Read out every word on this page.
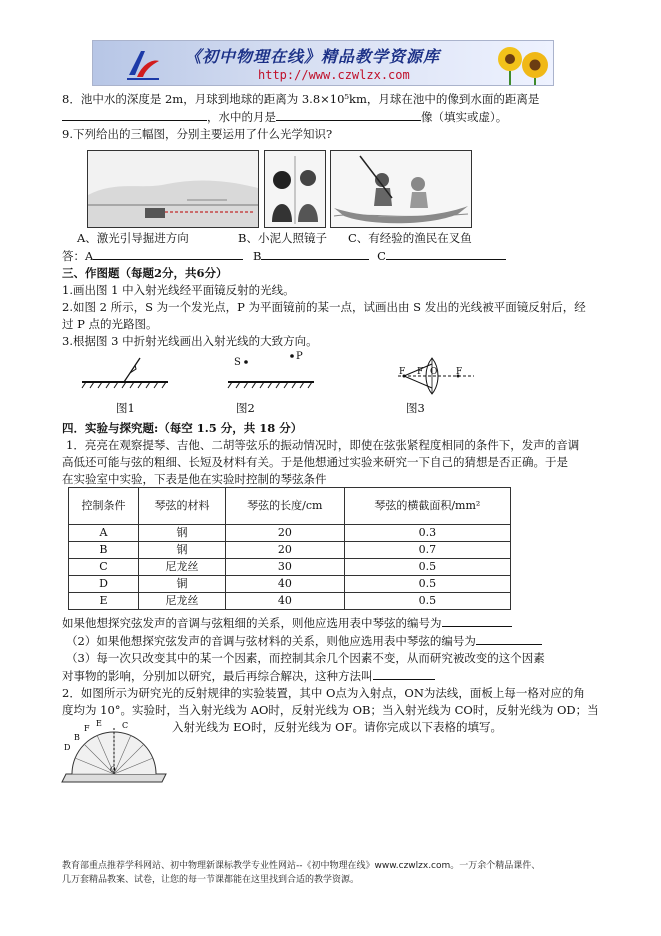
《初中物理在线》精品教学资源库
http://www.czwlzx.com
8．池中水的深度是 2m，月球到地球的距离为 3.8×10⁵km，月球在池中的像到水面的距离是
，水中的月是	像（填实或虚）。
9.下列给出的三幅图，分别主要运用了什么光学知识?
A、激光引导掘进方向	B、小泥人照镜子 C、有经验的渔民在叉鱼
答：A	B	C
三、作图题（每题2分，共6分）
1.画出图 1 中入射光线经平面镜反射的光线。
2.如图 2 所示，S 为一个发光点，P 为平面镜前的某一点，试画出由 S 发出的光线被平面镜反射后，经
过 P 点的光路图。
3.根据图 3 中折射光线画出入射光线的大致方向。
图1
S
P
图2
F F O F
图3
四．实验与探究题:（每空 1.5 分，共 18 分）
1．亮亮在观察提琴、吉他、二胡等弦乐的振动情况时，即使在弦张紧程度相同的条件下，发声的音调
高低还可能与弦的粗细、长短及材料有关。于是他想通过实验来研究一下自己的猜想是否正确。于是
在实验室中实验，下表是他在实验时控制的琴弦条件
控制条件	琴弦的材料	琴弦的长度/cm	琴弦的横截面积/mm²
A	钢	20	0.3
B	钢	20	0.7
C	尼龙丝	30	0.5
D	铜	40	0.5
E	尼龙丝	40	0.5
如果他想探究弦发声的音调与弦粗细的关系，则他应选用表中琴弦的编号为
（2）如果他想探究弦发声的音调与弦材料的关系，则他应选用表中琴弦的编号为
（3）每一次只改变其中的某一个因素，而控制其余几个因素不变，从而研究被改变的这个因素
对事物的影响，分别加以研究，最后再综合解决，这种方法叫
2．如图所示为研究光的反射规律的实验装置，其中 O点为入射点，ON为法线，面板上每一格对应的角
度均为 10°。实验时，当入射光线为 AO时，反射光线为 OB；当入射光线为 CO时，反射光线为 OD；当
入射光线为 EO时，反射光线为 OF。请你完成以下表格的填写。
D
B
F
E	C
O
教育部重点推荐学科网站、初中物理新课标教学专业性网站--《初中物理在线》www.czwlzx.com。一万余个精品课件、
几万套精品教案、试卷，让您的每一节课都能在这里找到合适的教学资源。
